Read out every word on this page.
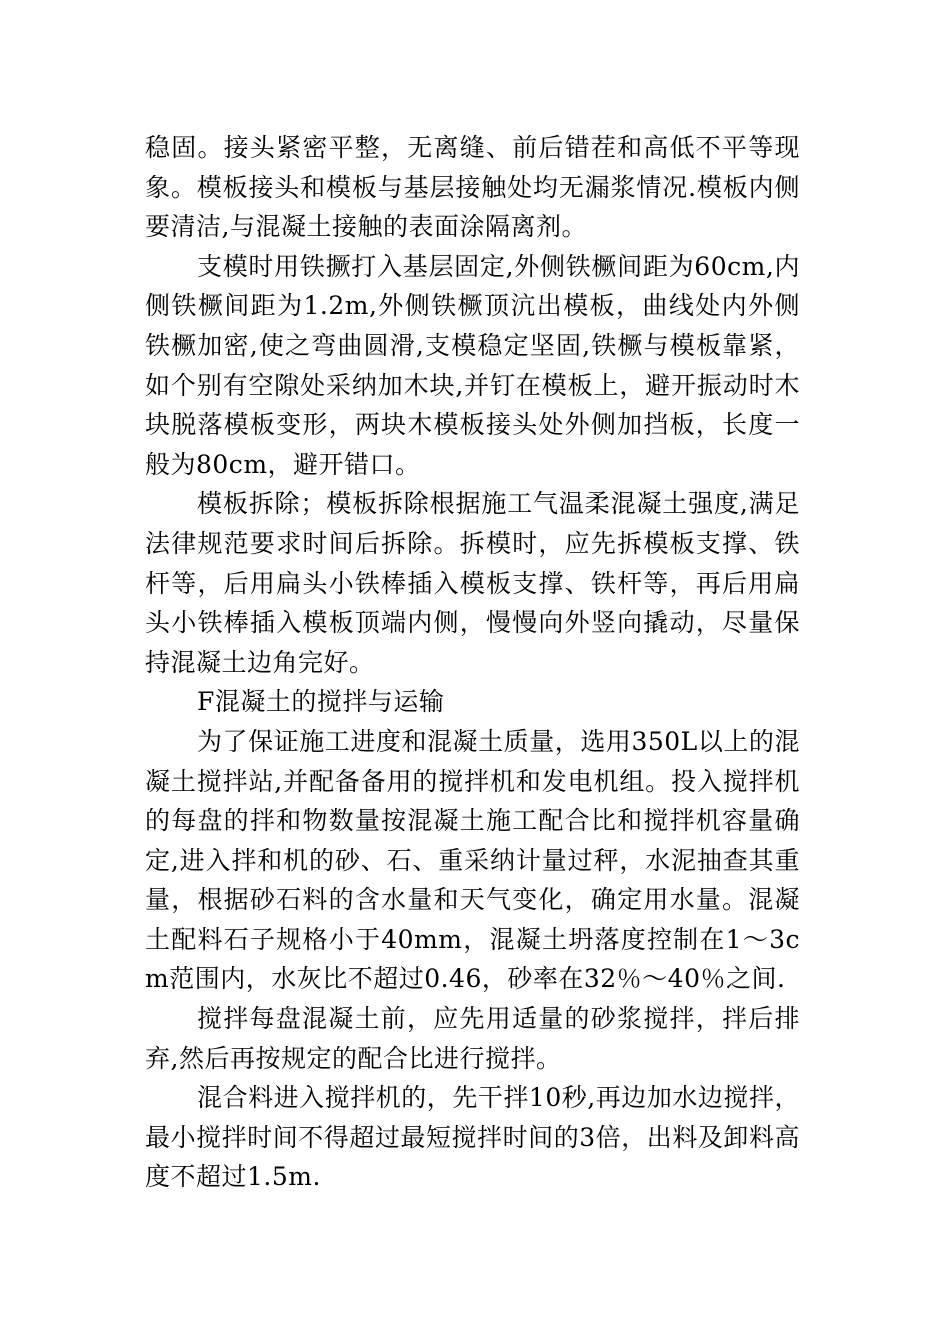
稳固。接头紧密平整，无离缝、前后错茬和高低不平等现象。模板接头和模板与基层接触处均无漏浆情况.模板内侧要清洁,与混凝土接触的表面涂隔离剂。

支模时用铁撅打入基层固定,外侧铁橛间距为60cm,内侧铁橛间距为1.2m,外侧铁橛顶沆出模板，曲线处内外侧铁橛加密,使之弯曲圆滑,支模稳定坚固,铁橛与模板靠紧，如个别有空隙处采纳加木块,并钉在模板上，避开振动时木块脱落模板变形，两块木模板接头处外侧加挡板，长度一般为80cm，避开错口。

模板拆除；模板拆除根据施工气温柔混凝土强度,满足法律规范要求时间后拆除。拆模时，应先拆模板支撑、铁杆等，后用扁头小铁棒插入模板支撑、铁杆等，再后用扁头小铁棒插入模板顶端内侧，慢慢向外竖向撬动，尽量保持混凝土边角完好。

F混凝土的搅拌与运输

为了保证施工进度和混凝土质量，选用350L以上的混凝土搅拌站,并配备备用的搅拌机和发电机组。投入搅拌机的每盘的拌和物数量按混凝土施工配合比和搅拌机容量确定,进入拌和机的砂、石、重采纳计量过秤，水泥抽查其重量，根据砂石料的含水量和天气变化，确定用水量。混凝土配料石子规格小于40mm，混凝土坍落度控制在1～3cm范围内，水灰比不超过0.46，砂率在32％～40％之间.

搅拌每盘混凝土前，应先用适量的砂浆搅拌，拌后排弃,然后再按规定的配合比进行搅拌。

混合料进入搅拌机的，先干拌10秒,再边加水边搅拌，最小搅拌时间不得超过最短搅拌时间的3倍，出料及卸料高度不超过1.5m.
